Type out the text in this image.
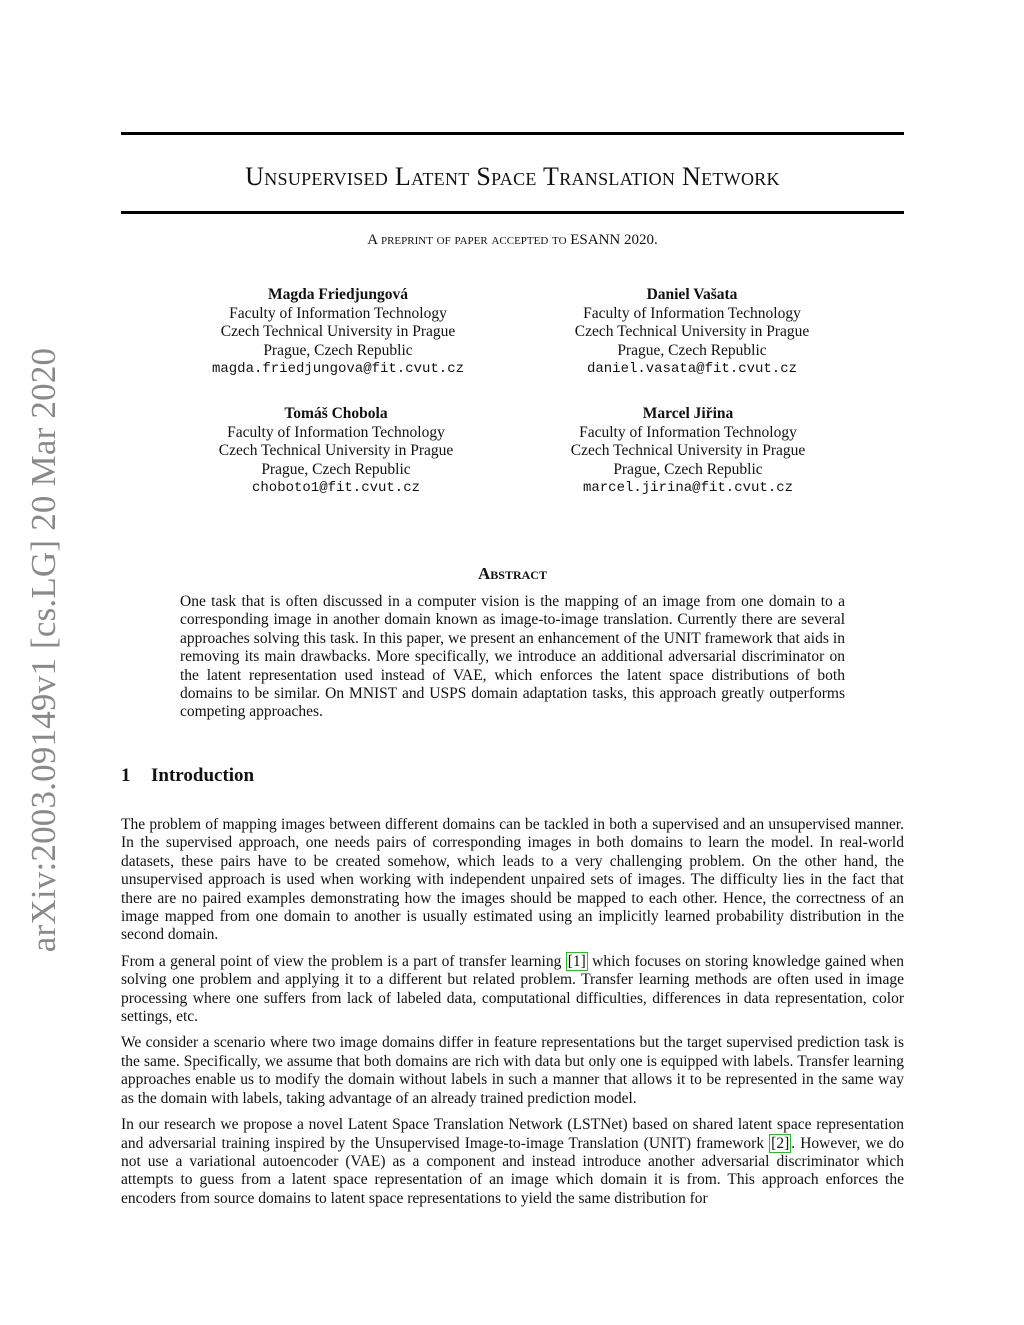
arXiv:2003.09149v1 [cs.LG] 20 Mar 2020
Unsupervised Latent Space Translation Network
A preprint of paper accepted to ESANN 2020.
Magda Friedjungová
Faculty of Information Technology
Czech Technical University in Prague
Prague, Czech Republic
magda.friedjungova@fit.cvut.cz
Daniel Vašata
Faculty of Information Technology
Czech Technical University in Prague
Prague, Czech Republic
daniel.vasata@fit.cvut.cz
Tomáš Chobola
Faculty of Information Technology
Czech Technical University in Prague
Prague, Czech Republic
choboto1@fit.cvut.cz
Marcel Jiřina
Faculty of Information Technology
Czech Technical University in Prague
Prague, Czech Republic
marcel.jirina@fit.cvut.cz
Abstract
One task that is often discussed in a computer vision is the mapping of an image from one domain to a corresponding image in another domain known as image-to-image translation. Currently there are several approaches solving this task. In this paper, we present an enhancement of the UNIT framework that aids in removing its main drawbacks. More specifically, we introduce an additional adversarial discriminator on the latent representation used instead of VAE, which enforces the latent space distributions of both domains to be similar. On MNIST and USPS domain adaptation tasks, this approach greatly outperforms competing approaches.
1 Introduction

The problem of mapping images between different domains can be tackled in both a supervised and an unsupervised manner. In the supervised approach, one needs pairs of corresponding images in both domains to learn the model. In real-world datasets, these pairs have to be created somehow, which leads to a very challenging problem. On the other hand, the unsupervised approach is used when working with independent unpaired sets of images. The difficulty lies in the fact that there are no paired examples demonstrating how the images should be mapped to each other. Hence, the correctness of an image mapped from one domain to another is usually estimated using an implicitly learned probability distribution in the second domain.

From a general point of view the problem is a part of transfer learning [1] which focuses on storing knowledge gained when solving one problem and applying it to a different but related problem. Transfer learning methods are often used in image processing where one suffers from lack of labeled data, computational difficulties, differences in data representation, color settings, etc.

We consider a scenario where two image domains differ in feature representations but the target supervised prediction task is the same. Specifically, we assume that both domains are rich with data but only one is equipped with labels. Transfer learning approaches enable us to modify the domain without labels in such a manner that allows it to be represented in the same way as the domain with labels, taking advantage of an already trained prediction model.

In our research we propose a novel Latent Space Translation Network (LSTNet) based on shared latent space representation and adversarial training inspired by the Unsupervised Image-to-image Translation (UNIT) framework [2] . However, we do not use a variational autoencoder (VAE) as a component and instead introduce another adversarial discriminator which attempts to guess from a latent space representation of an image which domain it is from. This approach enforces the encoders from source domains to latent space representations to yield the same distribution for
